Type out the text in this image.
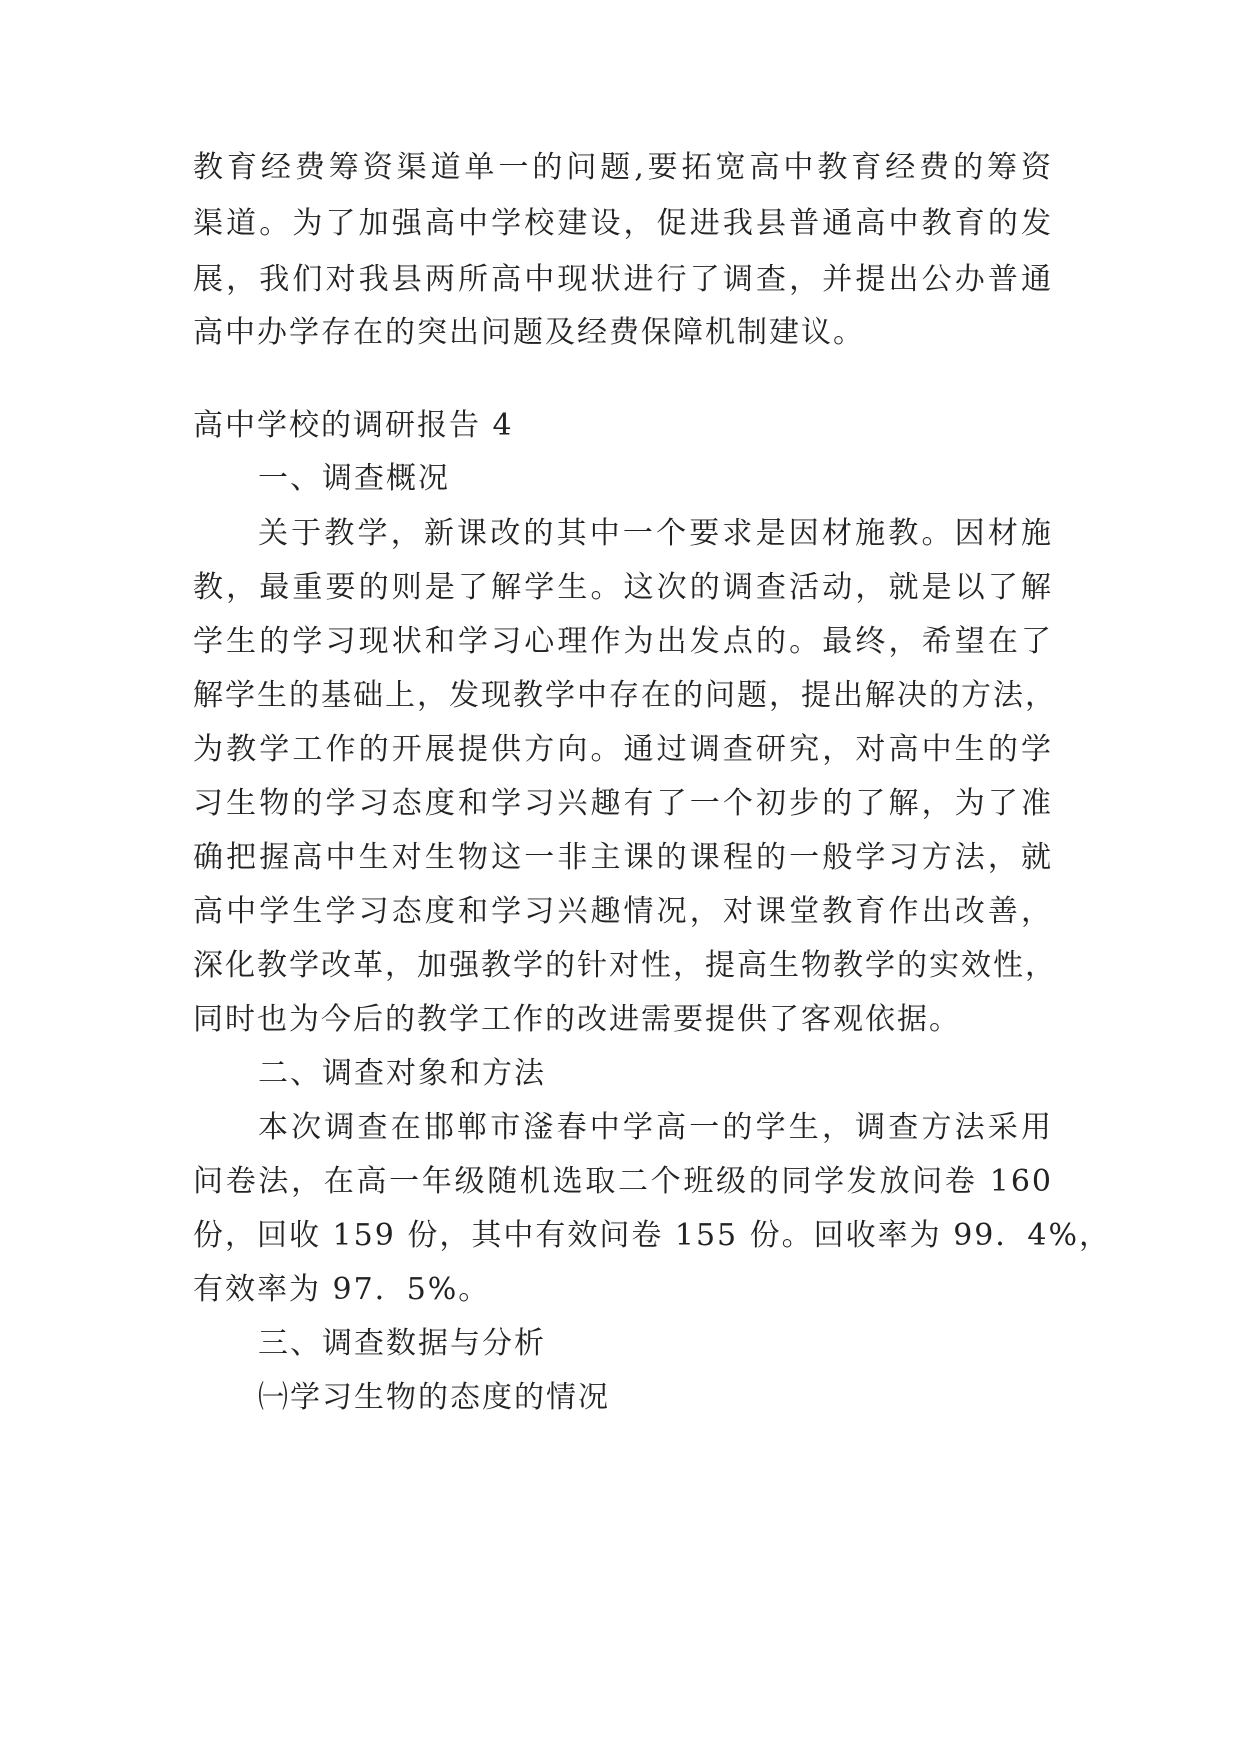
教育经费筹资渠道单一的问题,要拓宽高中教育经费的筹资
渠道。为了加强高中学校建设，促进我县普通高中教育的发
展，我们对我县两所高中现状进行了调查，并提出公办普通
高中办学存在的突出问题及经费保障机制建议。
高中学校的调研报告 4
一、调查概况
关于教学，新课改的其中一个要求是因材施教。因材施
教，最重要的则是了解学生。这次的调查活动，就是以了解
学生的学习现状和学习心理作为出发点的。最终，希望在了
解学生的基础上，发现教学中存在的问题，提出解决的方法，
为教学工作的开展提供方向。通过调查研究，对高中生的学
习生物的学习态度和学习兴趣有了一个初步的了解，为了准
确把握高中生对生物这一非主课的课程的一般学习方法，就
高中学生学习态度和学习兴趣情况，对课堂教育作出改善，
深化教学改革，加强教学的针对性，提高生物教学的实效性，
同时也为今后的教学工作的改进需要提供了客观依据。
二、调查对象和方法
本次调查在邯郸市滏春中学高一的学生，调查方法采用
问卷法，在高一年级随机选取二个班级的同学发放问卷 160
份，回收 159 份，其中有效问卷 155 份。回收率为 99．4%，
有效率为 97．5%。
三、调查数据与分析
㈠学习生物的态度的情况
